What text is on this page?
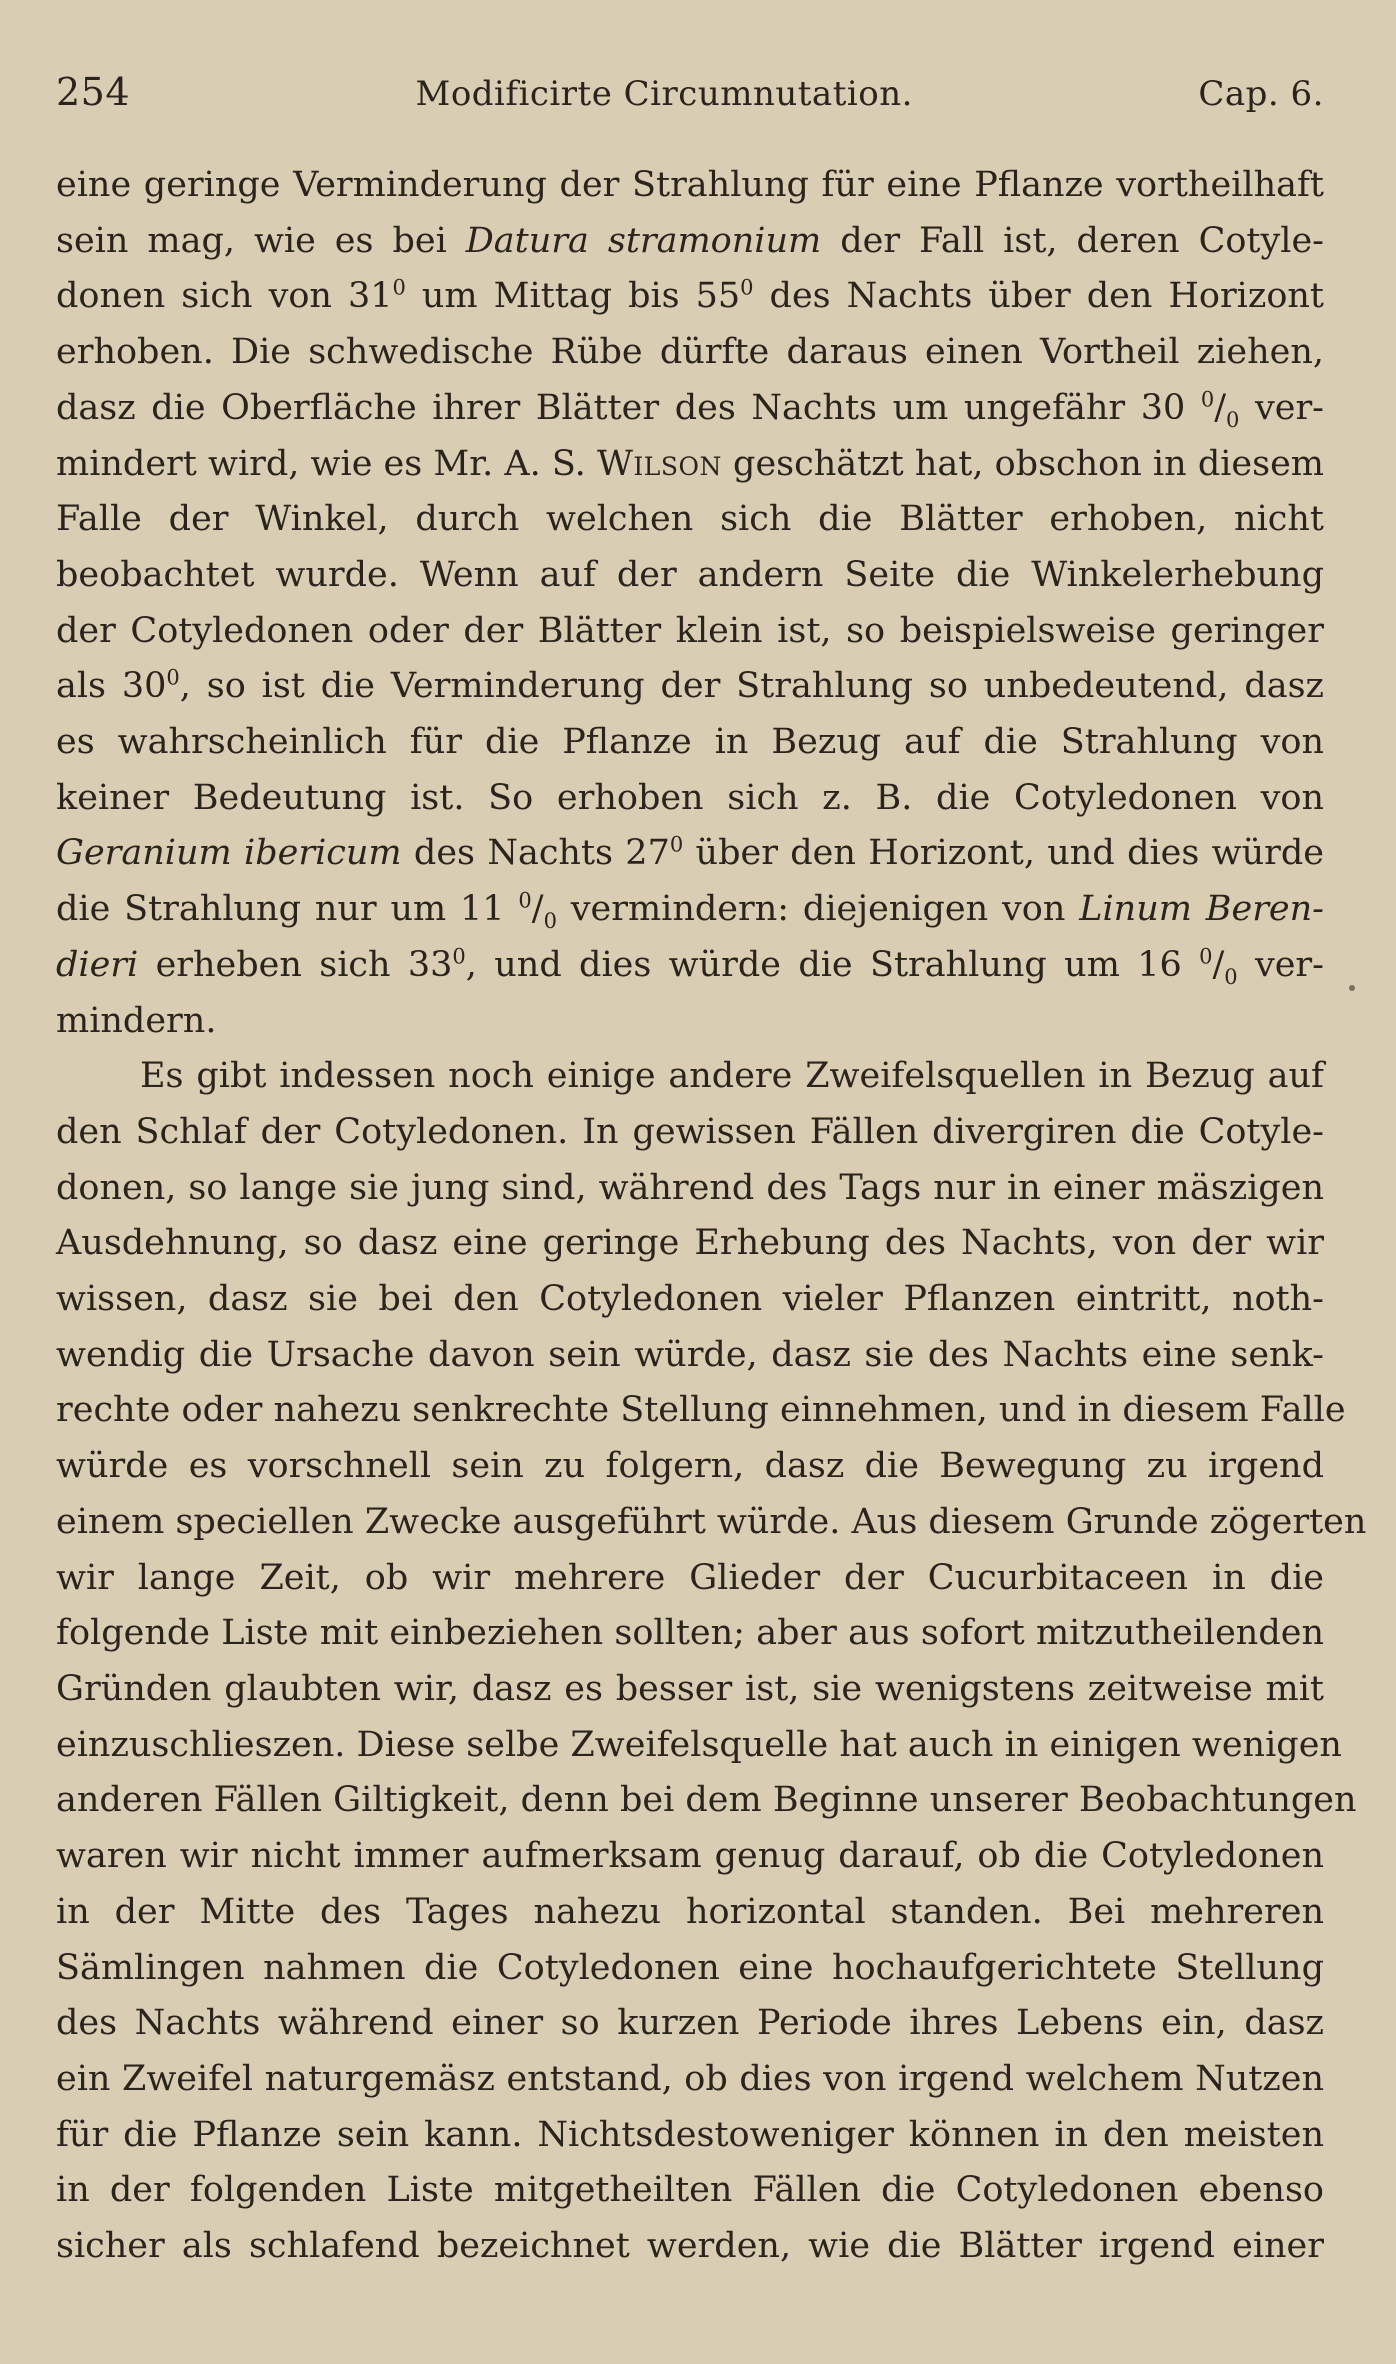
254	Modificirte Circumnutation.	Cap. 6.

eine geringe Verminderung der Strahlung für eine Pflanze vortheilhaft

sein mag, wie es bei Datura stramonium der Fall ist, deren Cotyle-

donen sich von $31^0$ um Mittag bis $55^0$ des Nachts über den Horizont

erhoben. Die schwedische Rübe dürfte daraus einen Vortheil ziehen,

dasz die Oberfläche ihrer Blätter des Nachts um ungefähr 30 $^0/_0$ ver-

mindert wird, wie es Mr. A. S. Wilson geschätzt hat, obschon in diesem

Falle der Winkel, durch welchen sich die Blätter erhoben, nicht

beobachtet wurde. Wenn auf der andern Seite die Winkelerhebung

der Cotyledonen oder der Blätter klein ist, so beispielsweise geringer

als $30^0$, so ist die Verminderung der Strahlung so unbedeutend, dasz

es wahrscheinlich für die Pflanze in Bezug auf die Strahlung von

keiner Bedeutung ist. So erhoben sich z. B. die Cotyledonen von

Geranium ibericum des Nachts $27^0$ über den Horizont, und dies würde

die Strahlung nur um 11 $^0/_0$ vermindern: diejenigen von Linum Beren-

dieri erheben sich $33^0$, und dies würde die Strahlung um 16 $^0/_0$ ver-

mindern.

Es gibt indessen noch einige andere Zweifelsquellen in Bezug auf

den Schlaf der Cotyledonen. In gewissen Fällen divergiren die Cotyle-

donen, so lange sie jung sind, während des Tags nur in einer mäszigen

Ausdehnung, so dasz eine geringe Erhebung des Nachts, von der wir

wissen, dasz sie bei den Cotyledonen vieler Pflanzen eintritt, noth-

wendig die Ursache davon sein würde, dasz sie des Nachts eine senk-

rechte oder nahezu senkrechte Stellung einnehmen, und in diesem Falle

würde es vorschnell sein zu folgern, dasz die Bewegung zu irgend

einem speciellen Zwecke ausgeführt würde. Aus diesem Grunde zögerten

wir lange Zeit, ob wir mehrere Glieder der Cucurbitaceen in die

folgende Liste mit einbeziehen sollten; aber aus sofort mitzutheilenden

Gründen glaubten wir, dasz es besser ist, sie wenigstens zeitweise mit

einzuschlieszen. Diese selbe Zweifelsquelle hat auch in einigen wenigen

anderen Fällen Giltigkeit, denn bei dem Beginne unserer Beobachtungen

waren wir nicht immer aufmerksam genug darauf, ob die Cotyledonen

in der Mitte des Tages nahezu horizontal standen. Bei mehreren

Sämlingen nahmen die Cotyledonen eine hochaufgerichtete Stellung

des Nachts während einer so kurzen Periode ihres Lebens ein, dasz

ein Zweifel naturgemäsz entstand, ob dies von irgend welchem Nutzen

für die Pflanze sein kann. Nichtsdestoweniger können in den meisten

in der folgenden Liste mitgetheilten Fällen die Cotyledonen ebenso

sicher als schlafend bezeichnet werden, wie die Blätter irgend einer
